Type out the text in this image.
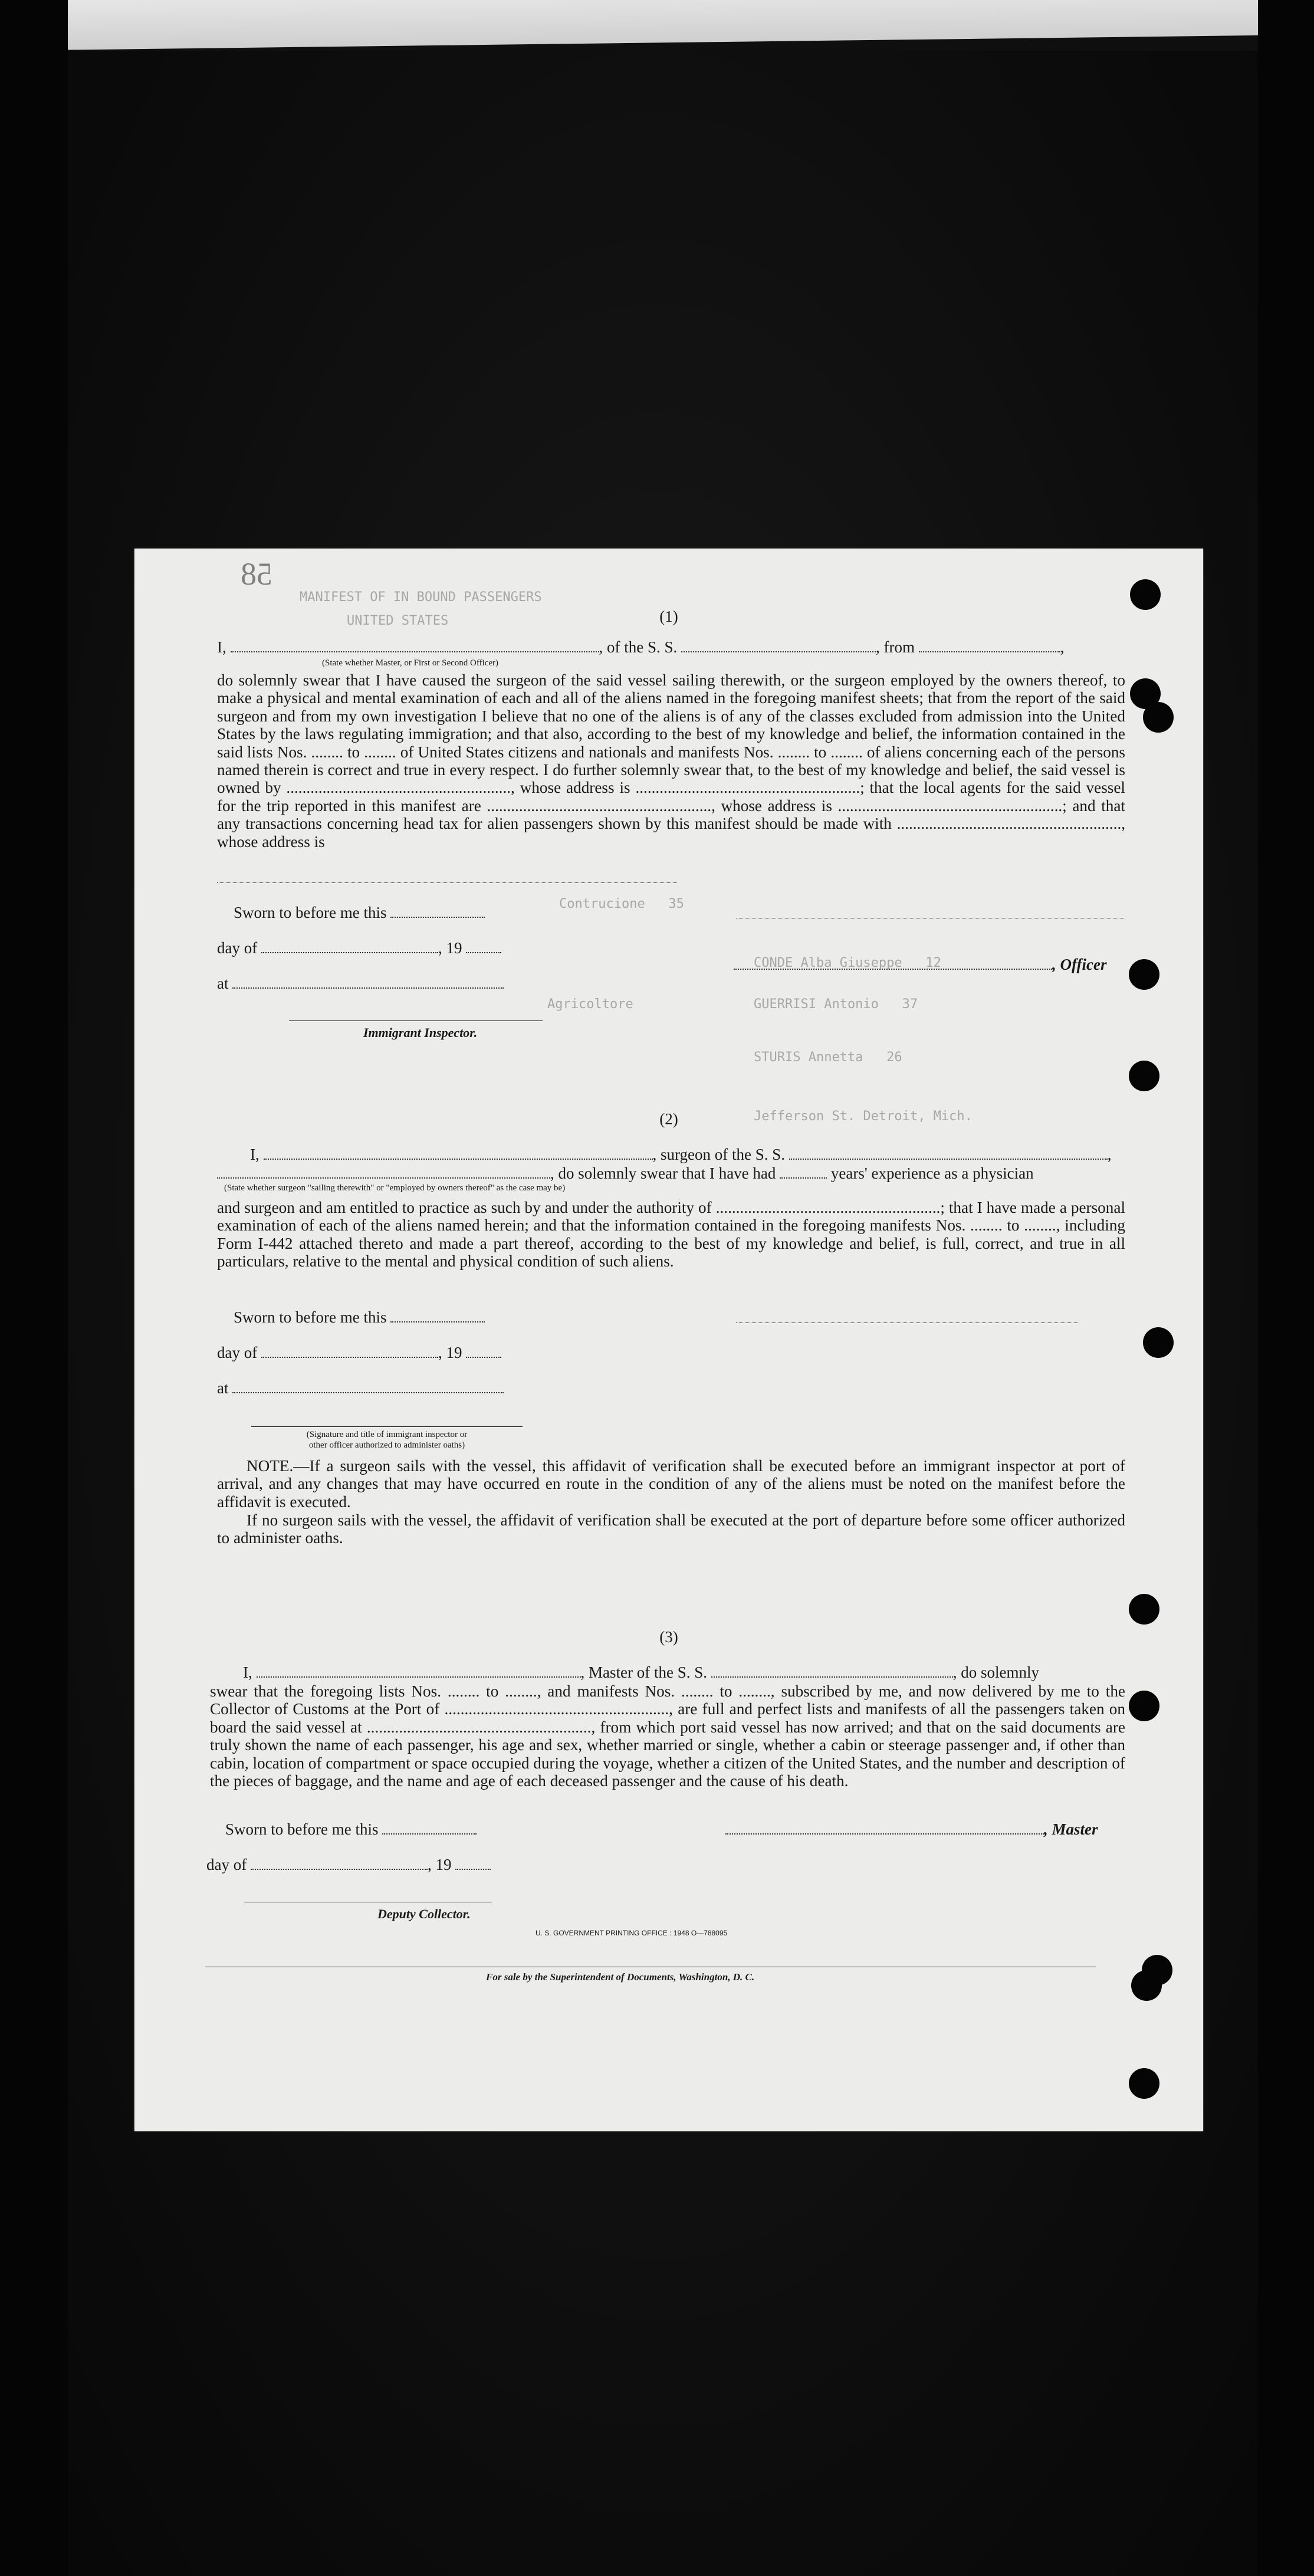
58
MANIFEST OF IN BOUND PASSENGERS
UNITED STATES
Contrucione   35
CONDE Alba Giuseppe   12
Agricoltore	GUERRISI Antonio   37
STURIS Annetta   26
Jefferson St. Detroit, Mich.
(1)
I,	, of the S. S.	, from	,
(State whether Master, or First or Second Officer)
do solemnly swear that I have caused the surgeon of the said vessel sailing therewith, or the surgeon employed by the owners thereof, to make a physical and mental examination of each and all of the aliens named in the foregoing manifest sheets; that from the report of the said surgeon and from my own investigation I believe that no one of the aliens is of any of the classes excluded from admission into the United States by the laws regulating immigration; and that also, according to the best of my knowledge and belief, the information contained in the said lists Nos. ........ to ........ of United States citizens and nationals and manifests Nos. ........ to ........ of aliens concerning each of the persons named therein is correct and true in every respect. I do further solemnly swear that, to the best of my knowledge and belief, the said vessel is owned by ........................................................, whose address is ........................................................; that the local agents for the said vessel for the trip reported in this manifest are ........................................................, whose address is ........................................................; and that any transactions concerning head tax for alien passengers shown by this manifest should be made with ........................................................, whose address is
Sworn to before me this
day of	, 19
, Officer
at
Immigrant Inspector.
(2)
I,	, surgeon of the S. S.	,
, do solemnly swear that I have had	years' experience as a physician
(State whether surgeon "sailing therewith" or "employed by owners thereof" as the case may be)
and surgeon and am entitled to practice as such by and under the authority of ........................................................; that I have made a personal examination of each of the aliens named herein; and that the information contained in the foregoing manifests Nos. ........ to ........, including Form I-442 attached thereto and made a part thereof, according to the best of my knowledge and belief, is full, correct, and true in all particulars, relative to the mental and physical condition of such aliens.
Sworn to before me this
day of	, 19
at
(Signature and title of immigrant inspector or
other officer authorized to administer oaths)
NOTE.—If a surgeon sails with the vessel, this affidavit of verification shall be executed before an immigrant inspector at port of arrival, and any changes that may have occurred en route in the condition of any of the aliens must be noted on the manifest before the affidavit is executed.
If no surgeon sails with the vessel, the affidavit of verification shall be executed at the port of departure before some officer authorized to administer oaths.
(3)
I,	, Master of the S. S.	, do solemnly
swear that the foregoing lists Nos. ........ to ........, and manifests Nos. ........ to ........, subscribed by me, and now delivered by me to the Collector of Customs at the Port of ........................................................, are full and perfect lists and manifests of all the passengers taken on board the said vessel at ........................................................, from which port said vessel has now arrived; and that on the said documents are truly shown the name of each passenger, his age and sex, whether married or single, whether a cabin or steerage passenger and, if other than cabin, location of compartment or space occupied during the voyage, whether a citizen of the United States, and the number and description of the pieces of baggage, and the name and age of each deceased passenger and the cause of his death.
Sworn to before me this	, Master
day of	, 19
Deputy Collector.
U. S. GOVERNMENT PRINTING OFFICE : 1948 O—788095
For sale by the Superintendent of Documents, Washington, D. C.
